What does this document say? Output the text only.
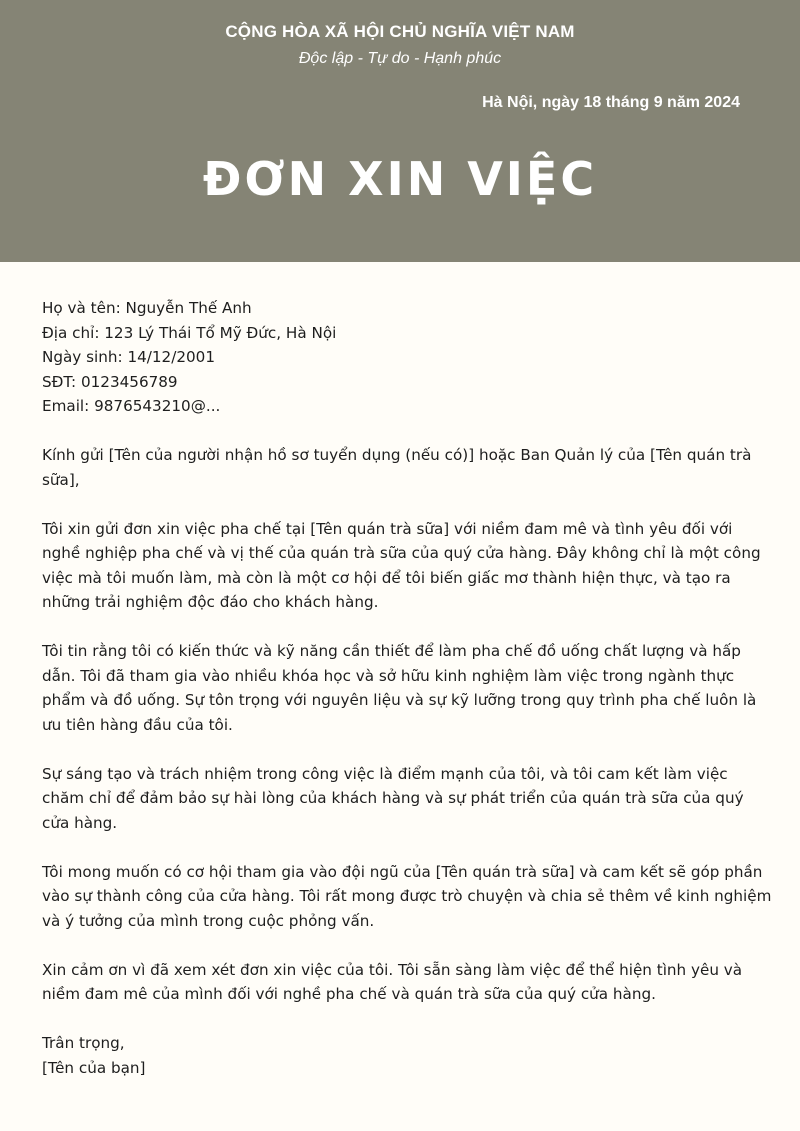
CỘNG HÒA XÃ HỘI CHỦ NGHĨA VIỆT NAM
Độc lập - Tự do - Hạnh phúc
Hà Nội, ngày 18 tháng 9 năm 2024
ĐƠN XIN VIỆC
Họ và tên: Nguyễn Thế Anh
Địa chỉ: 123 Lý Thái Tổ Mỹ Đức, Hà Nội
Ngày sinh: 14/12/2001
SĐT: 0123456789
Email: 9876543210@...

Kính gửi [Tên của người nhận hồ sơ tuyển dụng (nếu có)] hoặc Ban Quản lý của [Tên quán trà sữa],

Tôi xin gửi đơn xin việc pha chế tại [Tên quán trà sữa] với niềm đam mê và tình yêu đối với nghề nghiệp pha chế và vị thế của quán trà sữa của quý cửa hàng. Đây không chỉ là một công việc mà tôi muốn làm, mà còn là một cơ hội để tôi biến giấc mơ thành hiện thực, và tạo ra những trải nghiệm độc đáo cho khách hàng.

Tôi tin rằng tôi có kiến thức và kỹ năng cần thiết để làm pha chế đồ uống chất lượng và hấp dẫn. Tôi đã tham gia vào nhiều khóa học và sở hữu kinh nghiệm làm việc trong ngành thực phẩm và đồ uống. Sự tôn trọng với nguyên liệu và sự kỹ lưỡng trong quy trình pha chế luôn là ưu tiên hàng đầu của tôi.

Sự sáng tạo và trách nhiệm trong công việc là điểm mạnh của tôi, và tôi cam kết làm việc chăm chỉ để đảm bảo sự hài lòng của khách hàng và sự phát triển của quán trà sữa của quý cửa hàng.

Tôi mong muốn có cơ hội tham gia vào đội ngũ của [Tên quán trà sữa] và cam kết sẽ góp phần vào sự thành công của cửa hàng. Tôi rất mong được trò chuyện và chia sẻ thêm về kinh nghiệm và ý tưởng của mình trong cuộc phỏng vấn.

Xin cảm ơn vì đã xem xét đơn xin việc của tôi. Tôi sẵn sàng làm việc để thể hiện tình yêu và niềm đam mê của mình đối với nghề pha chế và quán trà sữa của quý cửa hàng.

Trân trọng,
[Tên của bạn]
